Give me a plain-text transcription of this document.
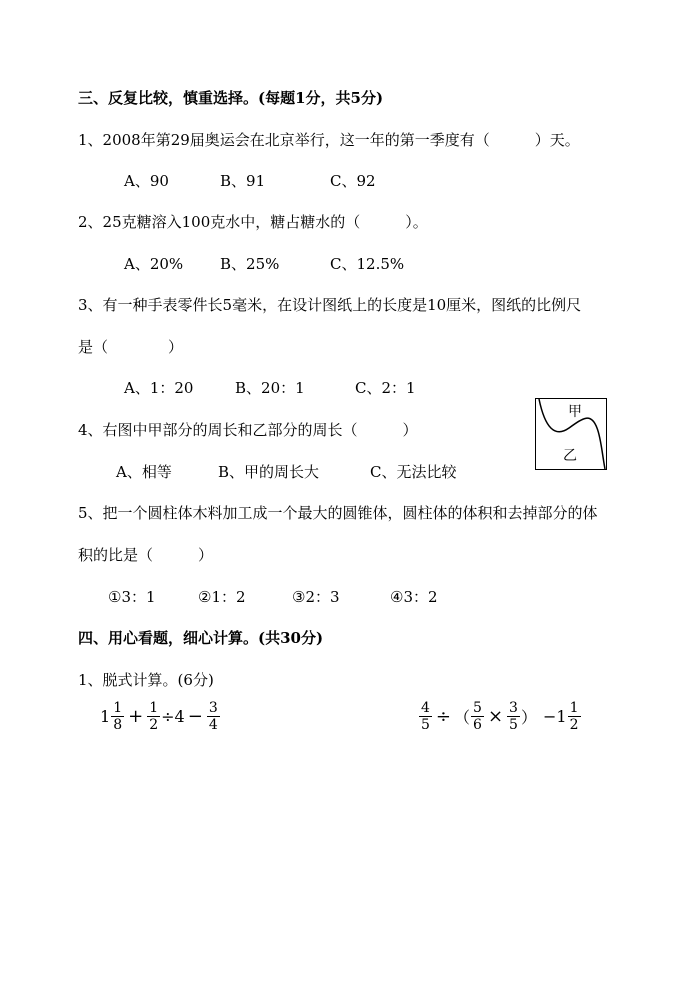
三、反复比较，慎重选择。(每题1分，共5分)
1、2008年第29届奥运会在北京举行，这一年的第一季度有（　　　）天。
A、90	B、91	C、92
2、25克糖溶入100克水中，糖占糖水的（　　　）。
A、20% B、25%	C、12.5%
3、有一种手表零件长5毫米，在设计图纸上的长度是10厘米，图纸的比例尺
是（　　　　）
A、1：20	B、20：1	C、2：1
4、右图中甲部分的周长和乙部分的周长（　　　）
A、相等	B、甲的周长大	C、无法比较
甲
乙
5、把一个圆柱体木料加工成一个最大的圆锥体，圆柱体的体积和去掉部分的体
积的比是（　　　）
①3：1	②1：2	③2：3	④3：2
四、用心看题，细心计算。(共30分)
1、脱式计算。(6分)
$1 \frac{1}{8} + \frac{1}{2} \div 4 - \frac{3}{4}$	$\frac{4}{5}$ ÷ （ $\frac{5}{6} \times \frac{3}{5}$ ） $-1 \frac{1}{2}$
